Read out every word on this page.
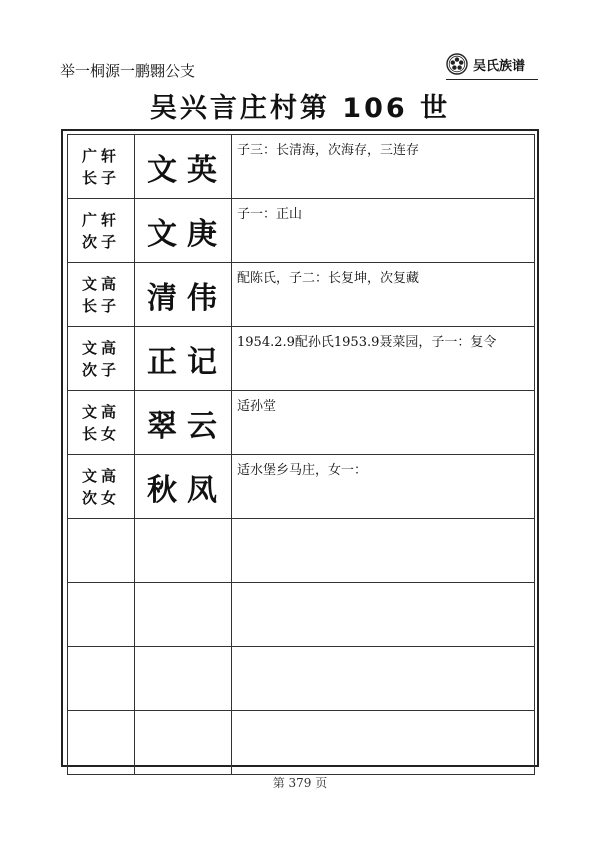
举一桐源一鹏翾公支	吴氏族谱
吴兴言庄村第 106 世
广轩
长子	文英	子三：长清海，次海存，三连存

广轩
次子	文庚	子一：正山

文高
长子	清伟	配陈氏，子二：长复坤，次复藏

文高
次子	正记	1954.2.9配孙氏1953.9聂菜园，子一：复令

文高
长女	翠云	适孙堂

文高
次女	秋凤	适水堡乡马庄，女一：

第 379 页
